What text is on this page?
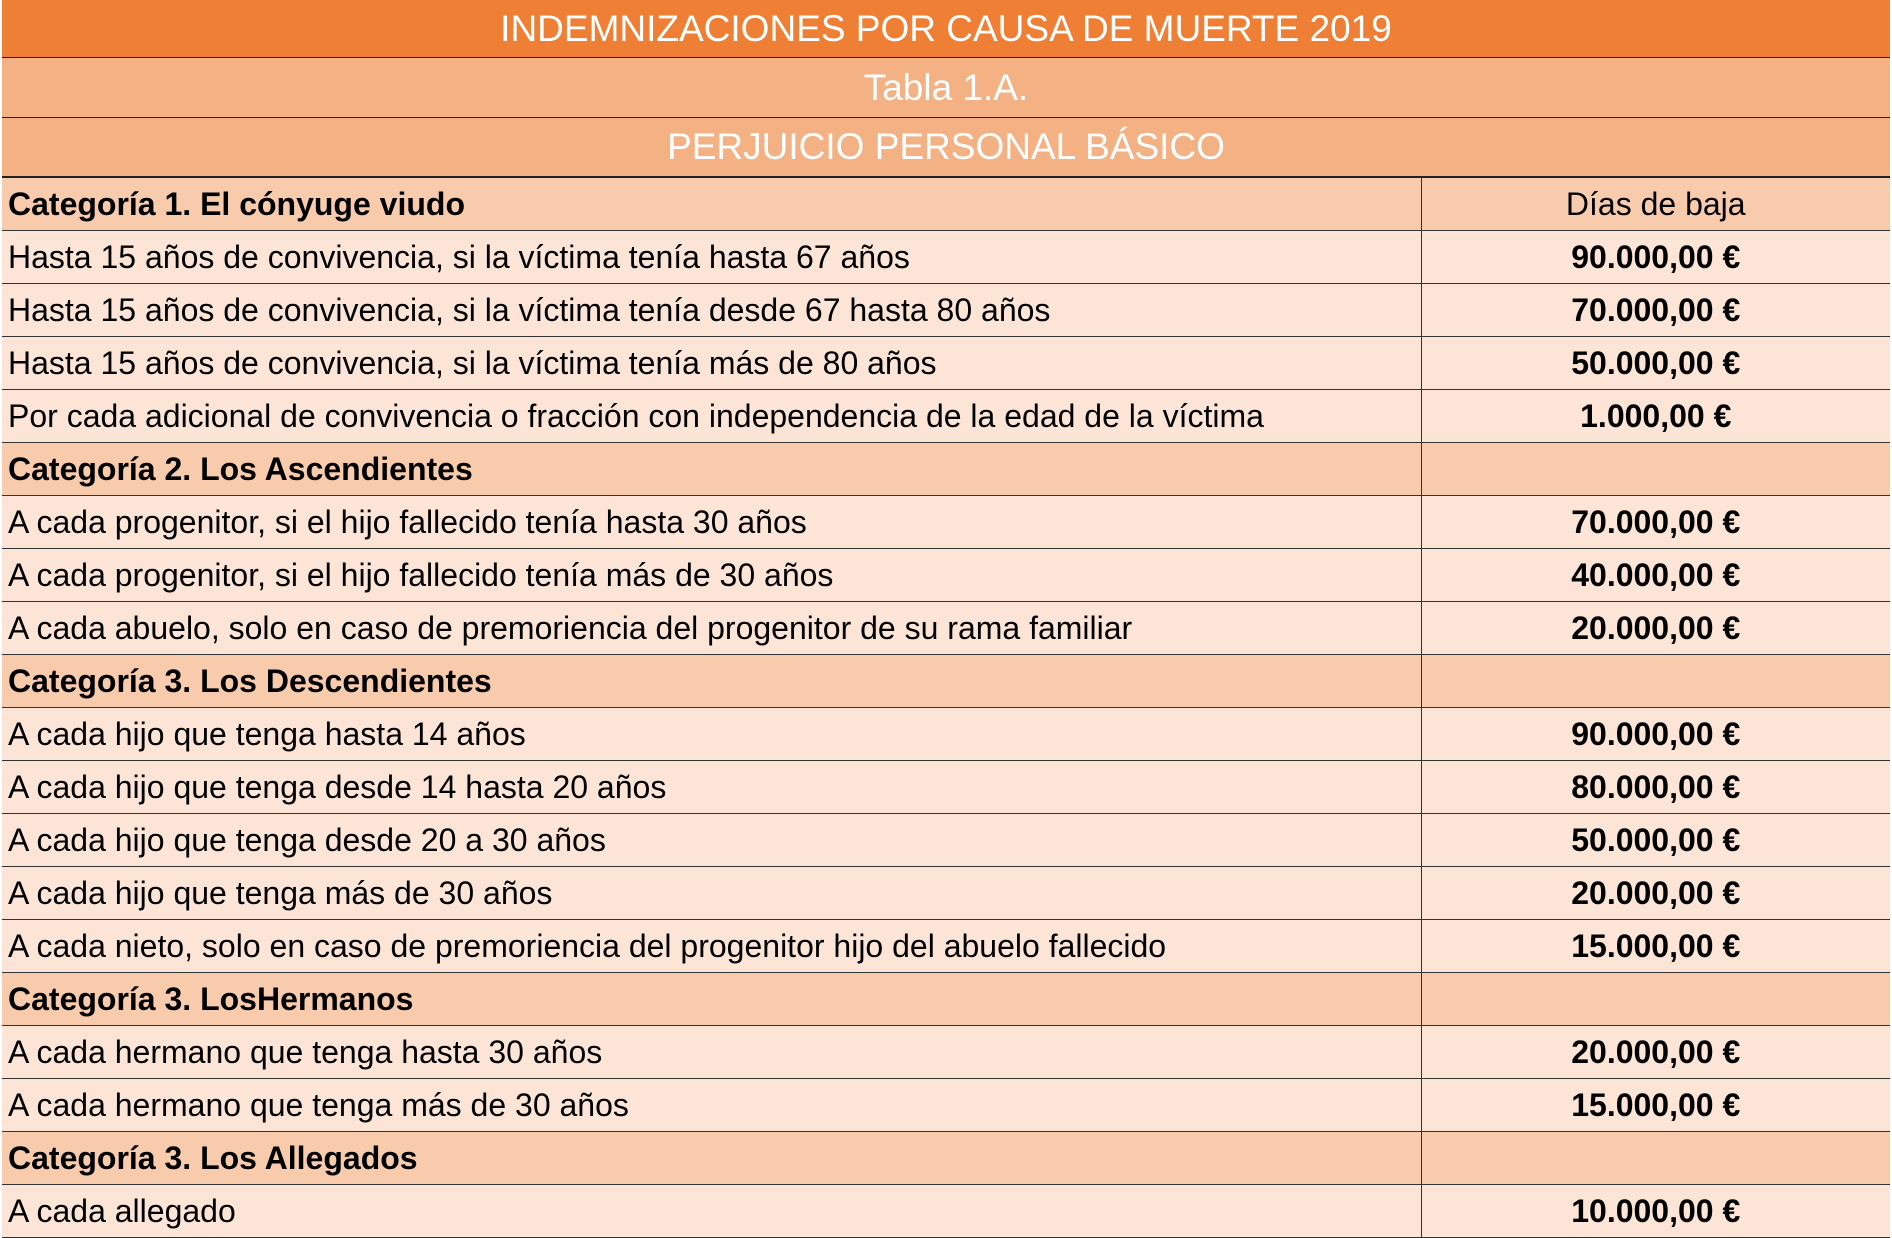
INDEMNIZACIONES POR CAUSA DE MUERTE 2019
Tabla 1.A.
PERJUICIO PERSONAL BÁSICO
Categoría 1. El cónyuge viudo	Días de baja
Hasta 15 años de convivencia, si la víctima tenía hasta 67 años	90.000,00 €
Hasta 15 años de convivencia, si la víctima tenía desde 67 hasta 80 años	70.000,00 €
Hasta 15 años de convivencia, si la víctima tenía más de 80 años	50.000,00 €
Por cada adicional de convivencia o fracción con independencia de la edad de la víctima	1.000,00 €
Categoría 2. Los Ascendientes	
A cada progenitor, si el hijo fallecido tenía hasta 30 años	70.000,00 €
A cada progenitor, si el hijo fallecido tenía más de 30 años	40.000,00 €
A cada abuelo, solo en caso de premoriencia del progenitor de su rama familiar	20.000,00 €
Categoría 3. Los Descendientes	
A cada hijo que tenga hasta 14 años	90.000,00 €
A cada hijo que tenga desde 14 hasta 20 años	80.000,00 €
A cada hijo que tenga desde 20 a 30 años	50.000,00 €
A cada hijo que tenga más de 30 años	20.000,00 €
A cada nieto, solo en caso de premoriencia del progenitor hijo del abuelo fallecido	15.000,00 €
Categoría 3. LosHermanos	
A cada hermano que tenga hasta 30 años	20.000,00 €
A cada hermano que tenga más de 30 años	15.000,00 €
Categoría 3. Los Allegados	
A cada allegado	10.000,00 €
